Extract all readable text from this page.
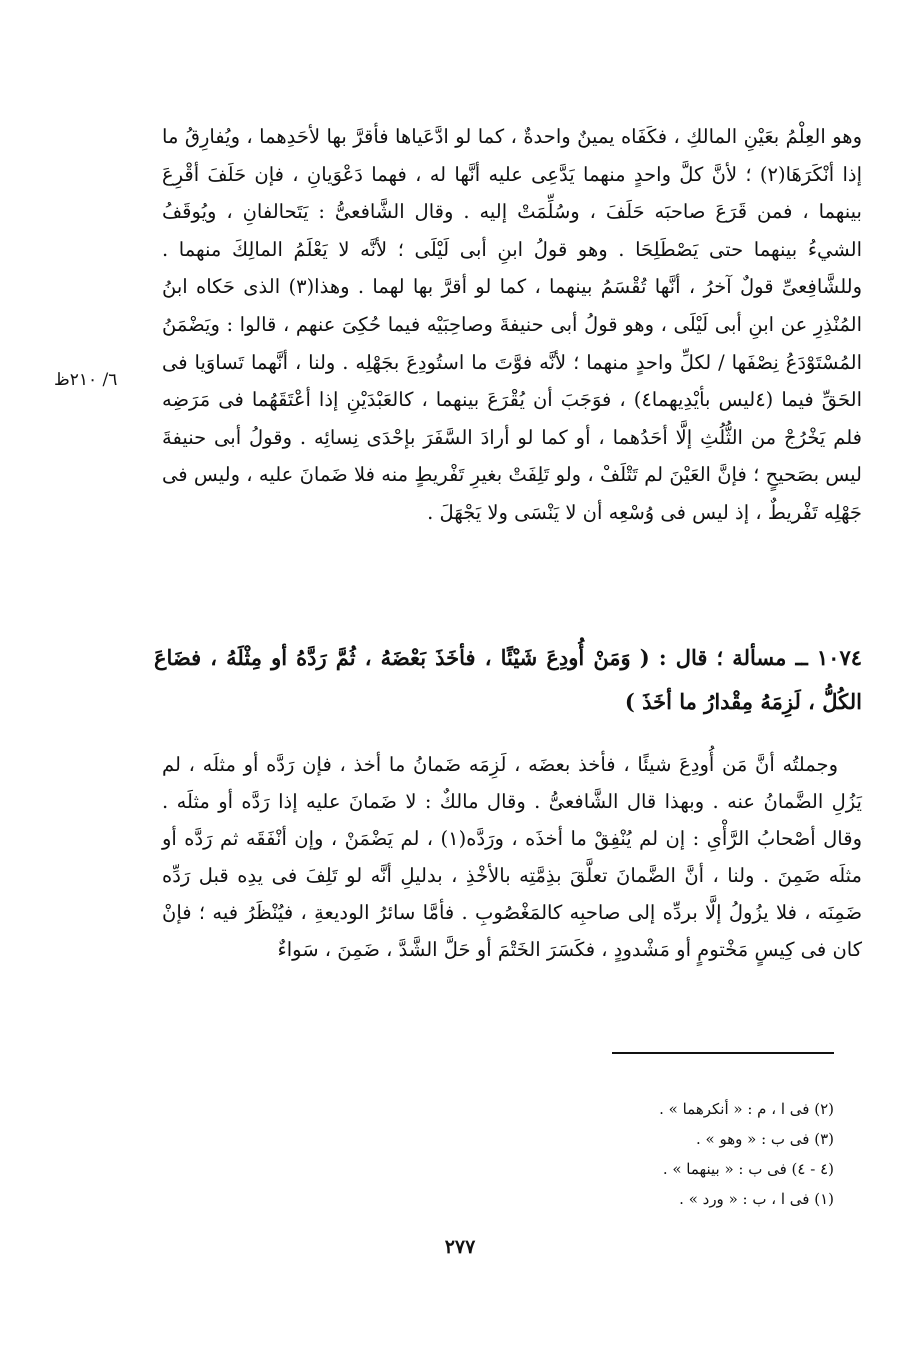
وهو العِلْمُ بعَيْنِ المالكِ ، فكَفَاه يمينٌ واحدةٌ ، كما لو ادَّعَياها فأقرَّ بها لأحَدِهما ، ويُفارِقُ ما إذا أنْكَرَهَا(٢) ؛ لأنَّ كلَّ واحدٍ منهما يَدَّعِى عليه أنَّها له ، فهما دَعْوَيانِ ، فإن حَلَفَ أقْرِعَ بينهما ، فمن قَرَعَ صاحبَه حَلَفَ ، وسُلِّمَتْ إليه . وقال الشَّافعىُّ : يَتَحالفانِ ، ويُوقَفُ الشيءُ بينهما حتى يَصْطَلِحَا . وهو قولُ ابنِ أبى لَيْلَى ؛ لأنَّه لا يَعْلَمُ المالِكَ منهما . وللشَّافِعىِّ قولٌ آخرُ ، أنَّها تُقْسَمُ بينهما ، كما لو أقرَّ بها لهما . وهذا(٣) الذى حَكاه ابنُ المُنْذِرِ عن ابنِ أبى لَيْلَى ، وهو قولُ أبى حنيفةَ وصاحِبَيْه فيما حُكِىَ عنهم ، قالوا : ويَضْمَنُ المُسْتَوْدَعُ نِصْفَها / لكلِّ واحدٍ منهما ؛ لأنَّه فوَّتَ ما استُودِعَ بجَهْلِه . ولنا ، أنَّهما تَساوَيا فى الحَقِّ فيما (٤ليس بأيْدِيهما٤) ، فوَجَبَ أن يُقْرَعَ بينهما ، كالعَبْدَيْنِ إذا أعْتَقَهُما فى مَرَضِه فلم يَخْرُجْ من الثُّلُثِ إلَّا أحَدُهما ، أو كما لو أرادَ السَّفَرَ بإحْدَى نِسائِه . وقولُ أبى حنيفةَ ليس بصَحيحٍ ؛ فإنَّ العَيْنَ لم تَتْلَفْ ، ولو تَلِفَتْ بغيرِ تَفْريطٍ منه فلا ضَمانَ عليه ، وليس فى جَهْلِه تَفْريطٌ ، إذ ليس فى وُسْعِه أن لا يَنْسَى ولا يَجْهَلَ .

٦/ ٢١٠ظ

١٠٧٤ ــ مسألة ؛ قال : ( وَمَنْ أُودِعَ شَيْئًا ، فأخَذَ بَعْضَهُ ، ثُمَّ رَدَّهُ أو مِثْلَهُ ، فضَاعَ الكُلُّ ، لَزِمَهُ مِقْدارُ ما أخَذَ )

وجملتُه أنَّ مَن أُودِعَ شيئًا ، فأخذ بعضَه ، لَزِمَه ضَمانُ ما أخذ ، فإن رَدَّه أو مثلَه ، لم يَزُلِ الضَّمانُ عنه . وبهذا قال الشَّافعىُّ . وقال مالكٌ : لا ضَمانَ عليه إذا رَدَّه أو مثلَه . وقال أصْحابُ الرَّأْىِ : إن لم يُنْفِقْ ما أخذَه ، ورَدَّه(١) ، لم يَضْمَنْ ، وإن أنْفَقَه ثم رَدَّه أو مثلَه ضَمِنَ . ولنا ، أنَّ الضَّمانَ تعلَّقَ بذِمَّتِه بالأخْذِ ، بدليلِ أنَّه لو تَلِفَ فى يدِه قبل رَدِّه ضَمِنَه ، فلا يزُولُ إلَّا بردِّه إلى صاحبِه كالمَغْصُوبِ . فأمَّا سائرُ الوديعةِ ، فيُنْظَرُ فيه ؛ فإنْ كان فى كِيسٍ مَخْتومٍ أو مَشْدودٍ ، فكَسَرَ الخَتْمَ أو حَلَّ الشَّدَّ ، ضَمِنَ ، سَواءٌ

(٢) فى ا ، م : « أنكرهما » .
(٣) فى ب : « وهو » .
(٤ - ٤) فى ب : « بينهما » .
(١) فى ا ، ب : « ورد » .
٢٧٧
